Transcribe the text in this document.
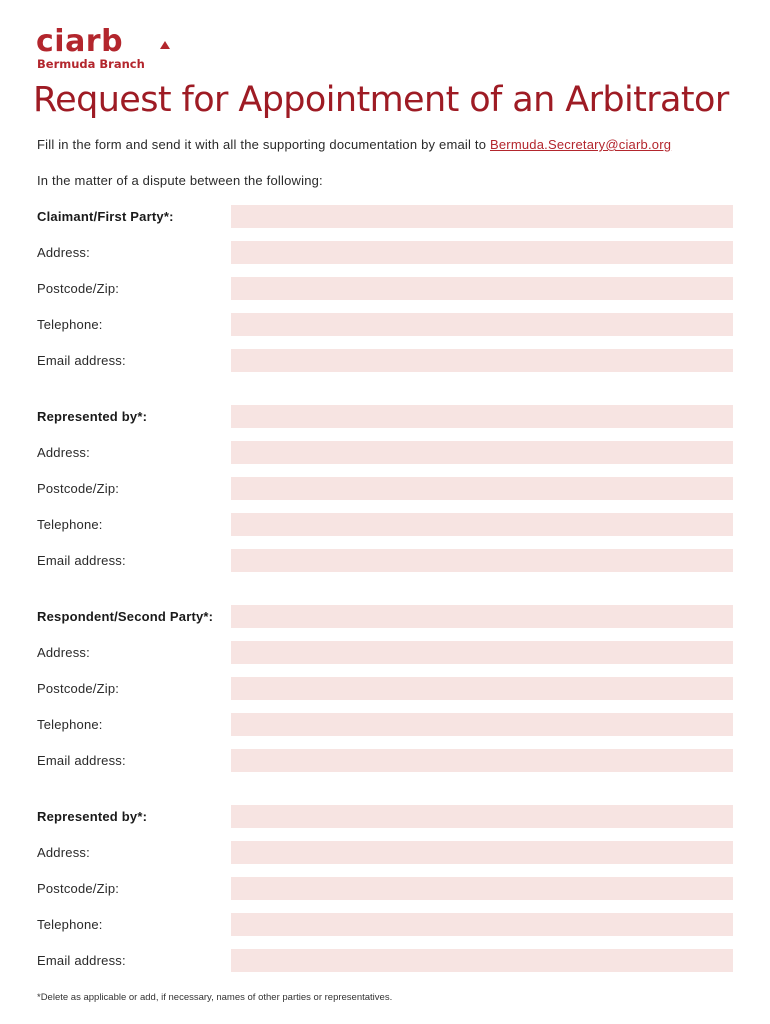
ciarb
Bermuda Branch
Request for Appointment of an Arbitrator

Fill in the form and send it with all the supporting documentation by email to Bermuda.Secretary@ciarb.org

In the matter of a dispute between the following:

Claimant/First Party*:
Address:
Postcode/Zip:
Telephone:
Email address:
Represented by*:
Address:
Postcode/Zip:
Telephone:
Email address:
Respondent/Second Party*:
Address:
Postcode/Zip:
Telephone:
Email address:
Represented by*:
Address:
Postcode/Zip:
Telephone:
Email address:

*Delete as applicable or add, if necessary, names of other parties or representatives.
